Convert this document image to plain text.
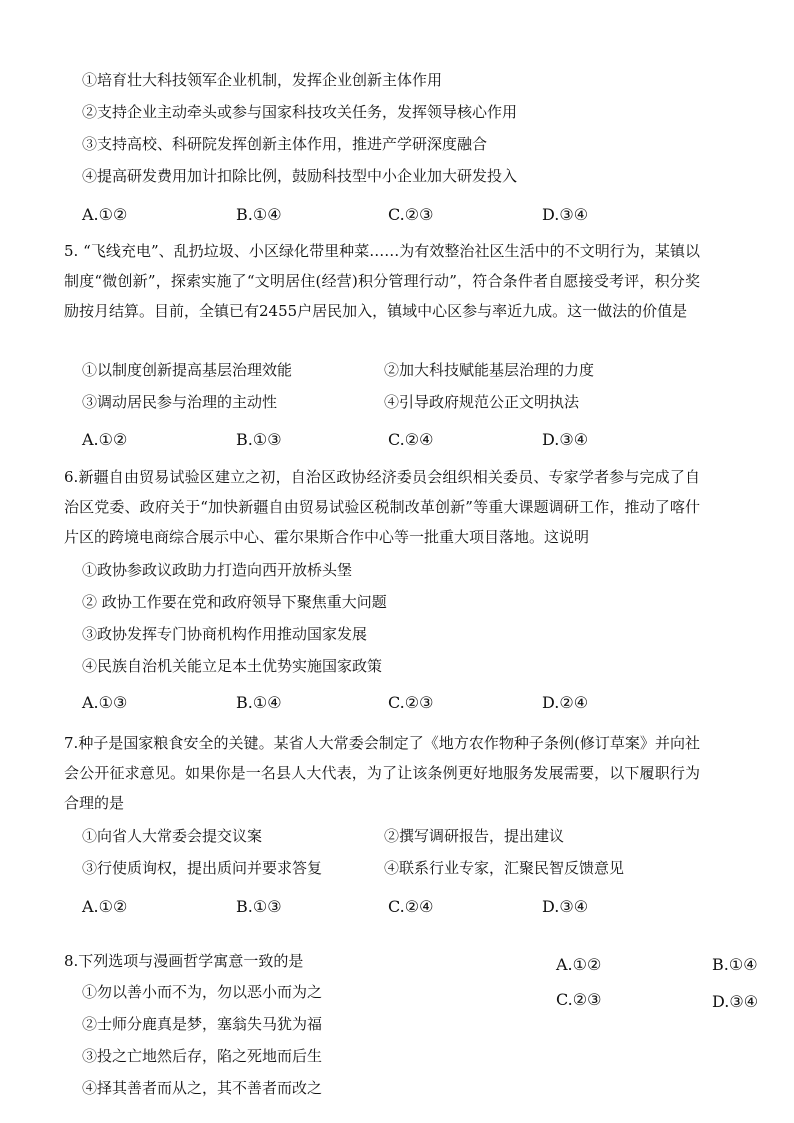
①培育壮大科技领军企业机制，发挥企业创新主体作用
②支持企业主动牵头或参与国家科技攻关任务，发挥领导核心作用
③支持高校、科研院发挥创新主体作用，推进产学研深度融合
④提高研发费用加计扣除比例，鼓励科技型中小企业加大研发投入
A.①②	B.①④	C.②③	D.③④
5. “飞线充电”、乱扔垃圾、小区绿化带里种菜……为有效整治社区生活中的不文明行为，某镇以制度“微创新”，探索实施了“文明居住(经营)积分管理行动”，符合条件者自愿接受考评，积分奖励按月结算。目前，全镇已有2455户居民加入，镇域中心区参与率近九成。这一做法的价值是
①以制度创新提高基层治理效能	②加大科技赋能基层治理的力度
③调动居民参与治理的主动性	④引导政府规范公正文明执法
A.①②	B.①③	C.②④	D.③④
6.新疆自由贸易试验区建立之初，自治区政协经济委员会组织相关委员、专家学者参与完成了自治区党委、政府关于“加快新疆自由贸易试验区税制改革创新”等重大课题调研工作，推动了喀什片区的跨境电商综合展示中心、霍尔果斯合作中心等一批重大项目落地。这说明
①政协参政议政助力打造向西开放桥头堡
② 政协工作要在党和政府领导下聚焦重大问题
③政协发挥专门协商机构作用推动国家发展
④民族自治机关能立足本土优势实施国家政策
A.①③	B.①④	C.②③	D.②④
7.种子是国家粮食安全的关键。某省人大常委会制定了《地方农作物种子条例(修订草案》并向社会公开征求意见。如果你是一名县人大代表，为了让该条例更好地服务发展需要，以下履职行为合理的是
①向省人大常委会提交议案	②撰写调研报告，提出建议
③行使质询权，提出质问并要求答复	④联系行业专家，汇聚民智反馈意见
A.①②	B.①③	C.②④	D.③④
8.下列选项与漫画哲学寓意一致的是
①勿以善小而不为，勿以恶小而为之
②士师分鹿真是梦，塞翁失马犹为福
③投之亡地然后存，陷之死地而后生
④择其善者而从之，其不善者而改之
A.①②	B.①④
C.②③	D.③④
